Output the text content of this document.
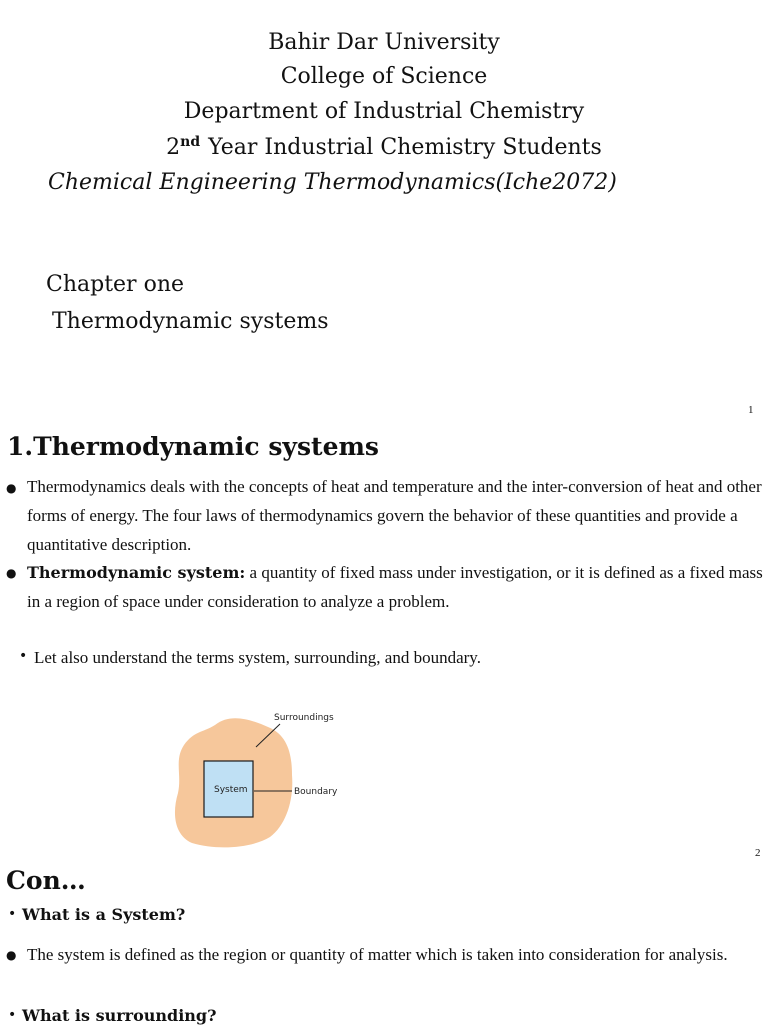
Bahir Dar University
College of Science
Department of Industrial Chemistry
2nd Year Industrial Chemistry Students
Chemical Engineering Thermodynamics(Iche2072)
Chapter one
Thermodynamic systems
1
1.Thermodynamic systems
● Thermodynamics deals with the concepts of heat and temperature and the inter-conversion of heat and other forms of energy. The four laws of thermodynamics govern the behavior of these quantities and provide a quantitative description.
● Thermodynamic system: a quantity of fixed mass under investigation, or it is defined as a fixed mass in a region of space under consideration to analyze a problem.
• Let also understand the terms system, surrounding, and boundary.
System
Surroundings
Boundary
2
Con…
• What is a System?
● The system is defined as the region or quantity of matter which is taken into consideration for analysis.
• What is surrounding?
